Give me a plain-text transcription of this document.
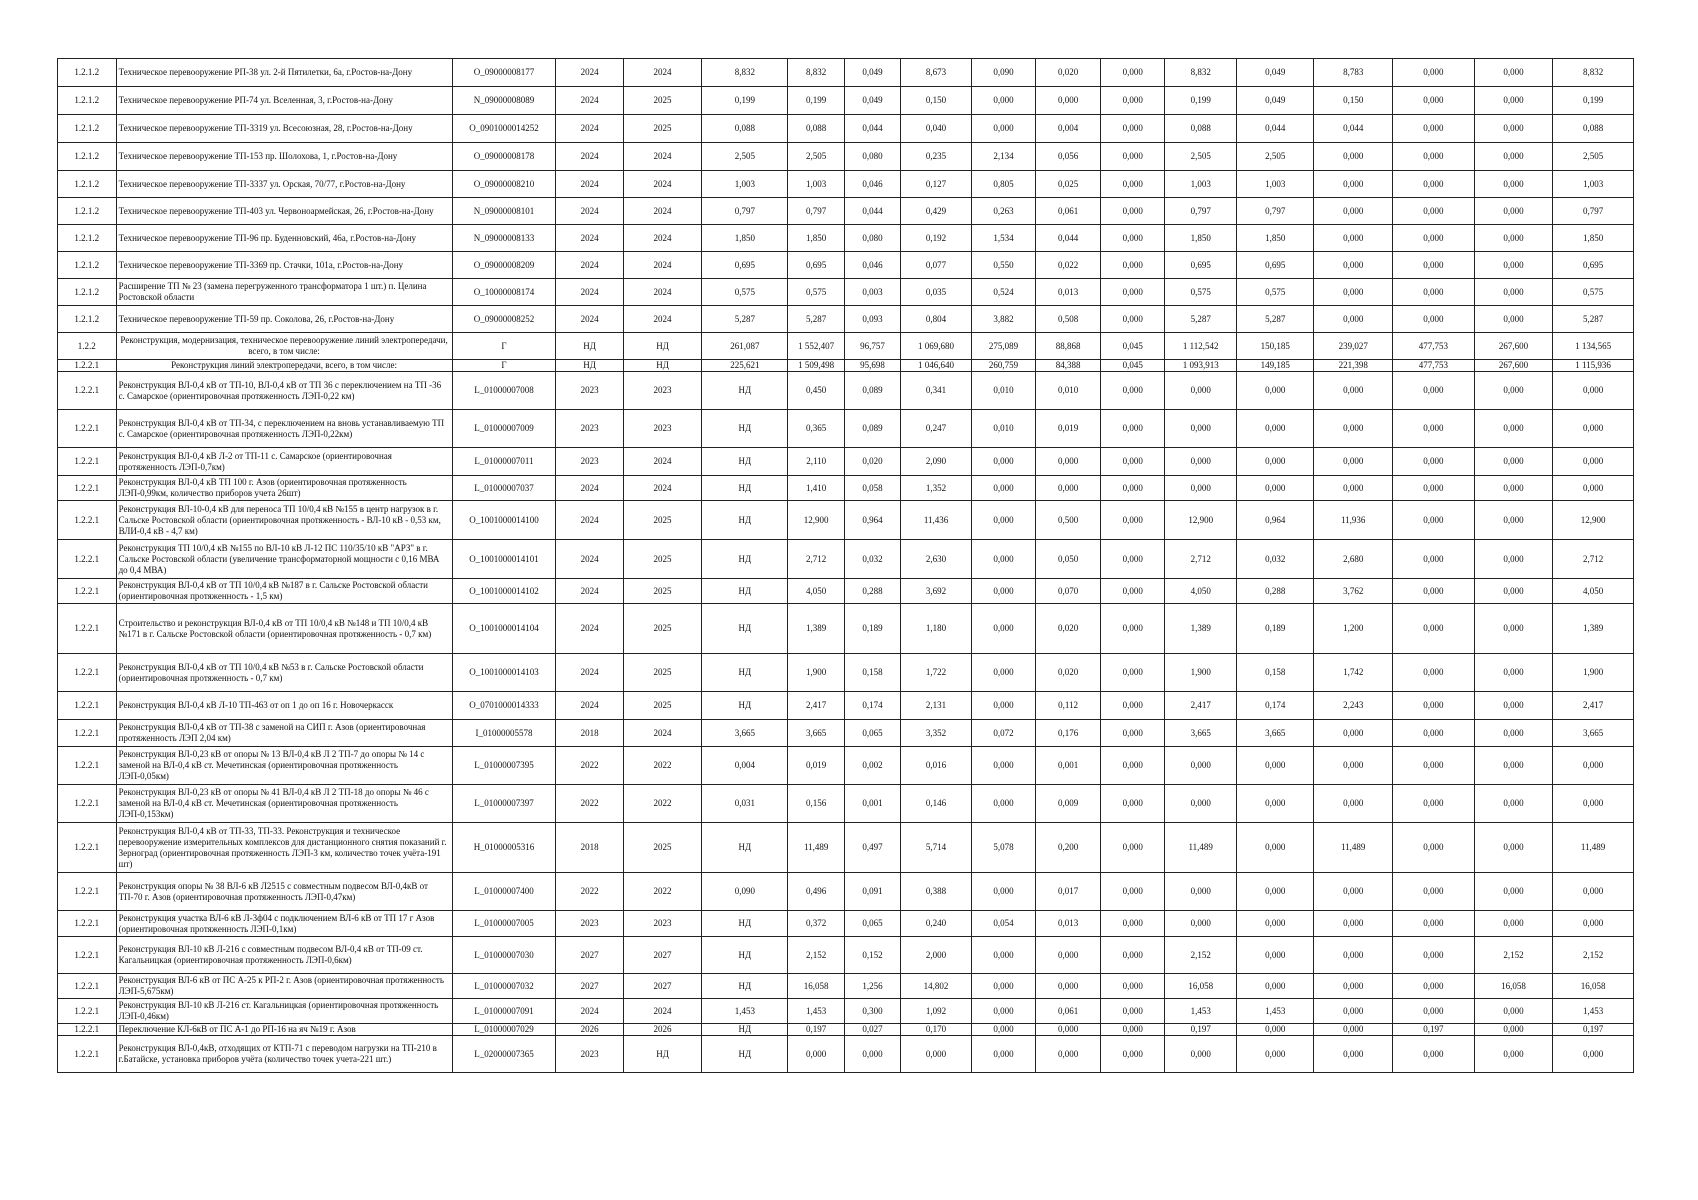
1.2.1.2	Техническое перевооружение РП-38 ул. 2-й Пятилетки, 6а, г.Ростов-на-Дону	O_09000008177	2024	2024	8,832	8,832	0,049	8,673	0,090	0,020	0,000	8,832	0,049	8,783	0,000	0,000	8,832
1.2.1.2	Техническое перевооружение РП-74 ул. Вселенная, 3, г.Ростов-на-Дону	N_09000008089	2024	2025	0,199	0,199	0,049	0,150	0,000	0,000	0,000	0,199	0,049	0,150	0,000	0,000	0,199
1.2.1.2	Техническое перевооружение ТП-3319 ул. Всесоюзная, 28, г.Ростов-на-Дону	O_0901000014252	2024	2025	0,088	0,088	0,044	0,040	0,000	0,004	0,000	0,088	0,044	0,044	0,000	0,000	0,088
1.2.1.2	Техническое перевооружение ТП-153 пр. Шолохова, 1, г.Ростов-на-Дону	O_09000008178	2024	2024	2,505	2,505	0,080	0,235	2,134	0,056	0,000	2,505	2,505	0,000	0,000	0,000	2,505
1.2.1.2	Техническое перевооружение ТП-3337 ул. Орская, 70/77, г.Ростов-на-Дону	O_09000008210	2024	2024	1,003	1,003	0,046	0,127	0,805	0,025	0,000	1,003	1,003	0,000	0,000	0,000	1,003
1.2.1.2	Техническое перевооружение ТП-403 ул. Червоноармейская, 26, г.Ростов-на-Дону	N_09000008101	2024	2024	0,797	0,797	0,044	0,429	0,263	0,061	0,000	0,797	0,797	0,000	0,000	0,000	0,797
1.2.1.2	Техническое перевооружение ТП-96 пр. Буденновский, 46а, г.Ростов-на-Дону	N_09000008133	2024	2024	1,850	1,850	0,080	0,192	1,534	0,044	0,000	1,850	1,850	0,000	0,000	0,000	1,850
1.2.1.2	Техническое перевооружение ТП-3369 пр. Стачки, 101а, г.Ростов-на-Дону	O_09000008209	2024	2024	0,695	0,695	0,046	0,077	0,550	0,022	0,000	0,695	0,695	0,000	0,000	0,000	0,695
1.2.1.2	Расширение ТП № 23 (замена перегруженного трансформатора 1 шт.) п. Целина Ростовской области	O_10000008174	2024	2024	0,575	0,575	0,003	0,035	0,524	0,013	0,000	0,575	0,575	0,000	0,000	0,000	0,575
1.2.1.2	Техническое перевооружение ТП-59 пр. Соколова, 26, г.Ростов-на-Дону	O_09000008252	2024	2024	5,287	5,287	0,093	0,804	3,882	0,508	0,000	5,287	5,287	0,000	0,000	0,000	5,287
1.2.2	Реконструкция, модернизация, техническое перевооружение линий электропередачи, всего, в том числе:	Г	НД	НД	261,087	1 552,407	96,757	1 069,680	275,089	88,868	0,045	1 112,542	150,185	239,027	477,753	267,600	1 134,565
1.2.2.1	Реконструкция линий электропередачи, всего, в том числе:	Г	НД	НД	225,621	1 509,498	95,698	1 046,640	260,759	84,388	0,045	1 093,913	149,185	221,398	477,753	267,600	1 115,936
1.2.2.1	Реконструкция ВЛ-0,4 кВ от ТП-10, ВЛ-0,4 кВ от ТП 36 с переключением на ТП -36 с. Самарское (ориентировочная протяженность ЛЭП-0,22 км)	L_01000007008	2023	2023	НД	0,450	0,089	0,341	0,010	0,010	0,000	0,000	0,000	0,000	0,000	0,000	0,000
1.2.2.1	Реконструкция ВЛ-0,4 кВ от ТП-34, с переключением на вновь устанавливаемую ТП с. Самарское (ориентировочная протяженность ЛЭП-0,22км)	L_01000007009	2023	2023	НД	0,365	0,089	0,247	0,010	0,019	0,000	0,000	0,000	0,000	0,000	0,000	0,000
1.2.2.1	Реконструкция ВЛ-0,4 кВ Л-2 от ТП-11 с. Самарское (ориентировочная протяженность ЛЭП-0,7км)	L_01000007011	2023	2024	НД	2,110	0,020	2,090	0,000	0,000	0,000	0,000	0,000	0,000	0,000	0,000	0,000
1.2.2.1	Реконструкция ВЛ-0,4 кВ ТП 100 г. Азов (ориентировочная протяженность ЛЭП-0,99км, количество приборов учета 26шт)	L_01000007037	2024	2024	НД	1,410	0,058	1,352	0,000	0,000	0,000	0,000	0,000	0,000	0,000	0,000	0,000
1.2.2.1	Реконструкция ВЛ-10-0,4 кВ для переноса ТП 10/0,4 кВ №155 в центр нагрузок в г. Сальске Ростовской области (ориентировочная протяженность - ВЛ-10 кВ - 0,53 км, ВЛИ-0,4 кВ - 4,7 км)	O_1001000014100	2024	2025	НД	12,900	0,964	11,436	0,000	0,500	0,000	12,900	0,964	11,936	0,000	0,000	12,900
1.2.2.1	Реконструкция ТП 10/0,4 кВ №155 по ВЛ-10 кВ Л-12 ПС 110/35/10 кВ "АРЗ" в г. Сальске Ростовской области (увеличение трансформаторной мощности с 0,16 МВА до 0,4 МВА)	O_1001000014101	2024	2025	НД	2,712	0,032	2,630	0,000	0,050	0,000	2,712	0,032	2,680	0,000	0,000	2,712
1.2.2.1	Реконструкция ВЛ-0,4 кВ от ТП 10/0,4 кВ №187 в г. Сальске Ростовской области (ориентировочная протяженность - 1,5 км)	O_1001000014102	2024	2025	НД	4,050	0,288	3,692	0,000	0,070	0,000	4,050	0,288	3,762	0,000	0,000	4,050
1.2.2.1	Строительство и реконструкция ВЛ-0,4 кВ от ТП 10/0,4 кВ №148 и ТП 10/0,4 кВ №171 в г. Сальске Ростовской области (ориентировочная протяженность - 0,7 км)	O_1001000014104	2024	2025	НД	1,389	0,189	1,180	0,000	0,020	0,000	1,389	0,189	1,200	0,000	0,000	1,389
1.2.2.1	Реконструкция ВЛ-0,4 кВ от ТП 10/0,4 кВ №53 в г. Сальске Ростовской области (ориентировочная протяженность - 0,7 км)	O_1001000014103	2024	2025	НД	1,900	0,158	1,722	0,000	0,020	0,000	1,900	0,158	1,742	0,000	0,000	1,900
1.2.2.1	Реконструкция ВЛ-0,4 кВ Л-10 ТП-463 от оп 1 до оп 16 г. Новочеркасск	O_0701000014333	2024	2025	НД	2,417	0,174	2,131	0,000	0,112	0,000	2,417	0,174	2,243	0,000	0,000	2,417
1.2.2.1	Реконструкция ВЛ-0,4 кВ от ТП-38 с заменой на СИП г. Азов (ориентировочная протяженность ЛЭП 2,04 км)	I_01000005578	2018	2024	3,665	3,665	0,065	3,352	0,072	0,176	0,000	3,665	3,665	0,000	0,000	0,000	3,665
1.2.2.1	Реконструкция ВЛ-0,23 кВ от опоры № 13 ВЛ-0,4 кВ Л 2 ТП-7 до опоры № 14 с заменой на ВЛ-0,4 кВ ст. Мечетинская (ориентировочная протяженность ЛЭП-0,05км)	L_01000007395	2022	2022	0,004	0,019	0,002	0,016	0,000	0,001	0,000	0,000	0,000	0,000	0,000	0,000	0,000
1.2.2.1	Реконструкция ВЛ-0,23 кВ от опоры № 41 ВЛ-0,4 кВ Л 2 ТП-18 до опоры № 46 с заменой на ВЛ-0,4 кВ ст. Мечетинская (ориентировочная протяженность ЛЭП-0,153км)	L_01000007397	2022	2022	0,031	0,156	0,001	0,146	0,000	0,009	0,000	0,000	0,000	0,000	0,000	0,000	0,000
1.2.2.1	Реконструкция ВЛ-0,4 кВ от ТП-33, ТП-33. Реконструкция и техническое перевооружение измерительных комплексов для дистанционного снятия показаний г. Зерноград (ориентировочная протяженность ЛЭП-3 км, количество точек учёта-191 шт)	H_01000005316	2018	2025	НД	11,489	0,497	5,714	5,078	0,200	0,000	11,489	0,000	11,489	0,000	0,000	11,489
1.2.2.1	Реконструкция опоры № 38 ВЛ-6 кВ Л2515 с совместным подвесом ВЛ-0,4кВ от ТП-70 г. Азов (ориентировочная протяженность ЛЭП-0,47км)	L_01000007400	2022	2022	0,090	0,496	0,091	0,388	0,000	0,017	0,000	0,000	0,000	0,000	0,000	0,000	0,000
1.2.2.1	Реконструкция участка ВЛ-6 кВ Л-3ф04 с подключением ВЛ-6 кВ от ТП 17 г Азов (ориентировочная протяженность ЛЭП-0,1км)	L_01000007005	2023	2023	НД	0,372	0,065	0,240	0,054	0,013	0,000	0,000	0,000	0,000	0,000	0,000	0,000
1.2.2.1	Реконструкция ВЛ-10 кВ Л-216 с совместным подвесом ВЛ-0,4 кВ от ТП-09 ст. Кагальницкая (ориентировочная протяженность ЛЭП-0,6км)	L_01000007030	2027	2027	НД	2,152	0,152	2,000	0,000	0,000	0,000	2,152	0,000	0,000	0,000	2,152	2,152
1.2.2.1	Реконструкция ВЛ-6 кВ от ПС А-25 к РП-2 г. Азов (ориентировочная протяженность ЛЭП-5,675км)	L_01000007032	2027	2027	НД	16,058	1,256	14,802	0,000	0,000	0,000	16,058	0,000	0,000	0,000	16,058	16,058
1.2.2.1	Реконструкция ВЛ-10 кВ Л-216 ст. Кагальницкая (ориентировочная протяженность ЛЭП-0,46км)	L_01000007091	2024	2024	1,453	1,453	0,300	1,092	0,000	0,061	0,000	1,453	1,453	0,000	0,000	0,000	1,453
1.2.2.1	Переключение КЛ-6кВ от ПС А-1 до РП-16 на яч №19 г. Азов	L_01000007029	2026	2026	НД	0,197	0,027	0,170	0,000	0,000	0,000	0,197	0,000	0,000	0,197	0,000	0,197
1.2.2.1	Реконструкция ВЛ-0,4кВ, отходящих от КТП-71 с переводом нагрузки на ТП-210 в г.Батайске, установка приборов учёта (количество точек учета-221 шт.)	L_02000007365	2023	НД	НД	0,000	0,000	0,000	0,000	0,000	0,000	0,000	0,000	0,000	0,000	0,000	0,000
